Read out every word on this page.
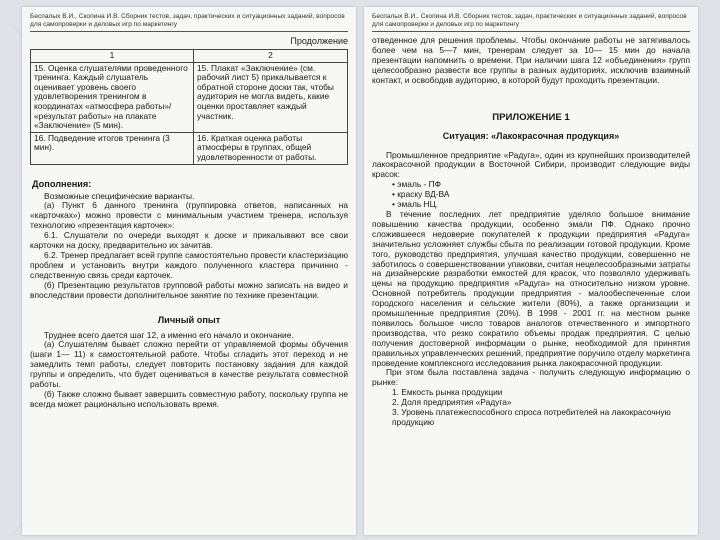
Беспалых В.И., Скопина И.В. Сборник тестов, задач, практических и ситуационных заданий, вопросов для самопроверки и деловых игр по маркетингу
Продолжение
1	2
15. Оценка слушателями проведенного тренинга. Каждый слушатель оценивает уровень своего удовлетворения тренингом в координатах «атмосфера работы»/ «результат работы» на плакате «Заключение» (5 мин).	15. Плакат «Заключение» (см. рабочий лист 5) прикалывается к обратной стороне доски так, чтобы аудитория не могла видеть, какие оценки проставляет каждый участник.
16. Подведение итогов тренинга (3 мин).	16. Краткая оценка работы атмосферы в группах, общей удовлетворенности от работы.
Дополнения:

Возможные специфические варианты.

(а) Пункт 6 данного тренинга (группировка ответов, написанных на «карточках») можно провести с минимальным участием тренера, используя технологию «презентация карточек»:

6.1. Слушатели по очереди выходят к доске и прикалывают все свои карточки на доску, предварительно их зачитав.

6.2. Тренер предлагает всей группе самостоятельно провести кластеризацию проблем и установить внутри каждого полученного кластера причинно - следственную связь среди карточек.

(б) Презентацию результатов групповой работы можно записать на видео и впоследствии провести дополнительное занятие по технике презентации.

Личный опыт

Труднее всего дается шаг 12, а именно его начало и окончание.

(а) Слушателям бывает сложно перейти от управляемой формы обучения (шаги 1— 11) к самостоятельной работе. Чтобы сгладить этот переход и не замедлить темп работы, следует повторить постановку задания для каждой группы и определить, что будет оцениваться в качестве результата совместной работы.

(б) Также сложно бывает завершить совместную работу, поскольку группа не всегда может рационально использовать время.

Беспалых В.И., Скопина И.В. Сборник тестов, задач, практических и ситуационных заданий, вопросов для самопроверки и деловых игр по маркетингу

отведенное для решения проблемы. Чтобы окончание работы не затягивалось более чем на 5—7 мин, тренерам следует за 10— 15 мин до начала презентации напомнить о времени. При наличии шага 12 «объединения» групп целесообразно развести все группы в разных аудиториях, исключив взаимный контакт, и освободив аудиторию, в которой будут проходить презентации.

ПРИЛОЖЕНИЕ 1
Ситуация: «Лакокрасочная продукция»

Промышленное предприятие «Радуга», один из крупнейших производителей лакокрасочной продукции в Восточной Сибири, производит следующие виды красок:

• эмаль - ПФ
• краску ВД-ВА
• эмаль НЦ.

В течение последних лет предприятие уделяло большое внимание повышению качества продукции, особенно эмали ПФ. Однако прочно сложившееся недоверие покупателей к продукции предприятия «Радуга» значительно усложняет службы сбыта по реализации готовой продукции. Кроме того, руководство предприятия, улучшая качество продукции, совершенно не заботилось о совершенствовании упаковки, считая нецелесообразными затраты на дизайнерские разработки емкостей для красок, что позволяло удерживать цены на продукцию предприятия «Радуга» на относительно низком уровне. Основной потребитель продукции предприятия - малообеспеченные слои городского населения и сельские жители (80%), а также организации и промышленные предприятия (20%). В 1998 - 2001 гг. на местном рынке появилось большое число товаров аналогов отечественного и импортного производства, что резко сократило объемы продаж предприятия. С целью получения достоверной информации о рынке, необходимой для принятия правильных управленческих решений, предприятие поручило отделу маркетинга проведение комплексного исследования рынка лакокрасочной продукции.

При этом была поставлена задача - получить следующую информацию о рынке:

1. Емкость рынка продукции
2. Доля предприятия «Радуга»
3. Уровень платежеспособного спроса потребителей на лакокрасочную продукцию
